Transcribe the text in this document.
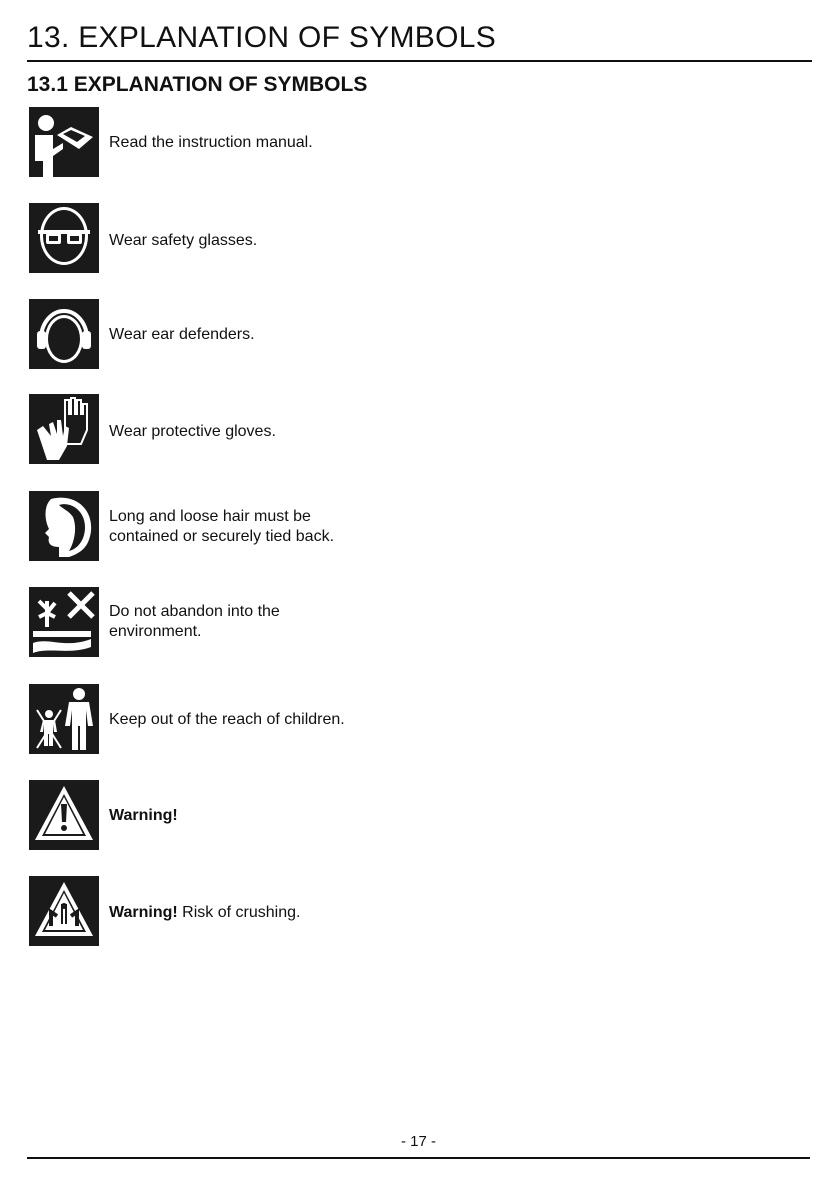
13. EXPLANATION OF SYMBOLS
13.1 EXPLANATION OF SYMBOLS
Read the instruction manual.
Wear safety glasses.
Wear ear defenders.
Wear protective gloves.
Long and loose hair must be
contained or securely tied back.
Do not abandon into the
environment.
Keep out of the reach of children.
Warning!
Warning! Risk of crushing.
- 17 -
